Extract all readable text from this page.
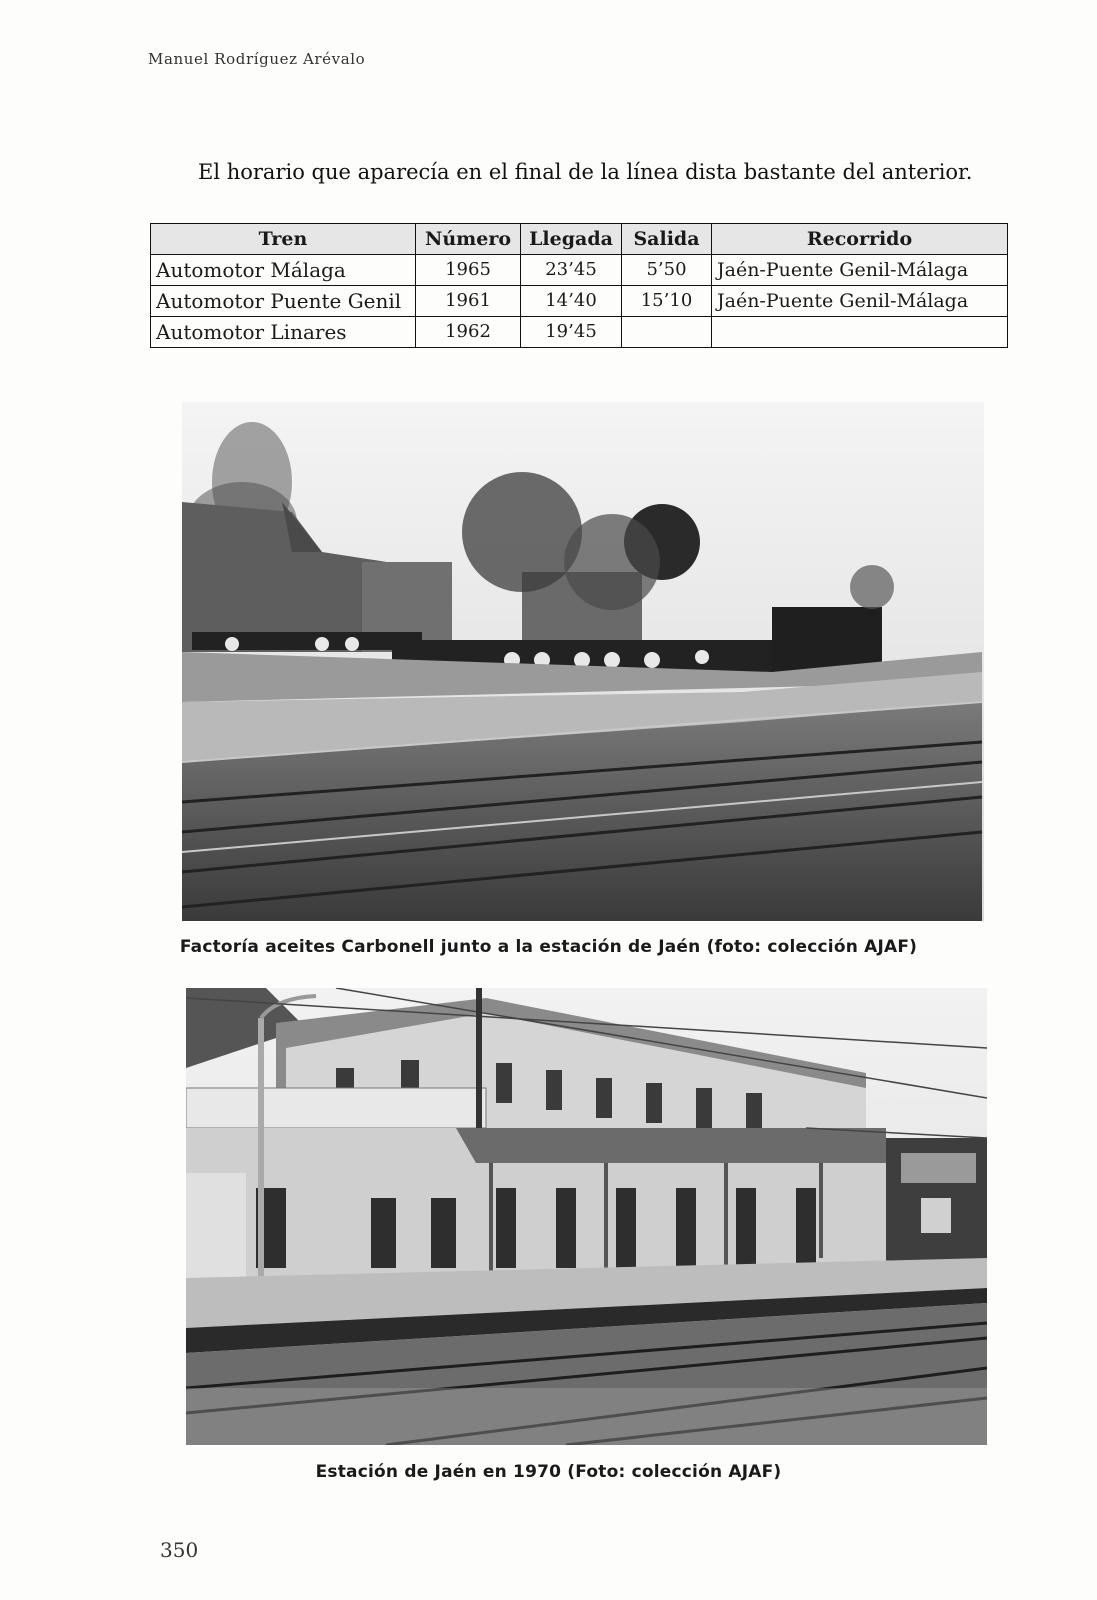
Manuel Rodríguez Arévalo

El horario que aparecía en el final de la línea dista bastante del anterior.

Tren	Número	Llegada	Salida	Recorrido
Automotor Málaga	1965	23’45	5’50	Jaén-Puente Genil-Málaga
Automotor Puente Genil	1961	14’40	15’10	Jaén-Puente Genil-Málaga
Automotor Linares	1962	19’45		
Factoría aceites Carbonell junto a la estación de Jaén (foto: colección AJAF)
Estación de Jaén en 1970 (Foto: colección AJAF)
350
